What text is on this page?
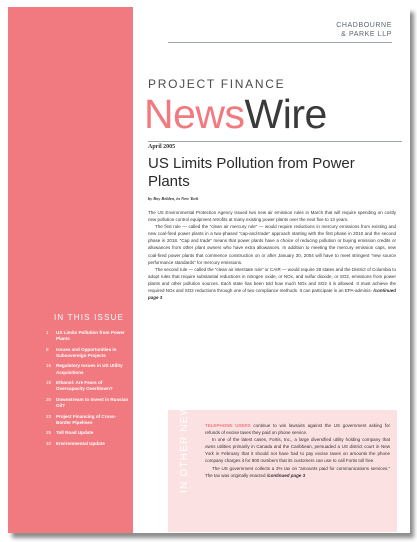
IN THIS ISSUE
1	US Limits Pollution from Power Plants
8	Issues and Opportunities in Subsovereign Projects
15	Regulatory Issues in US Utility Acquisitions
18	Ethanol: Are Fears of Overcapacity Overblown?
20	Downstream to Invest in Russian Oil?
23	Project Financing of Cross-Border Pipelines
25	Toll Road Update
40	Environmental Update
CHADBOURNE
& PARKE LLP
PROJECT FINANCE
NewsWire
April 2005
US Limits Pollution from Power Plants
by Roy Belden, in New York

The US Environmental Protection Agency issued two new air emission rules in March that will require spending on costly new pollution control equipment retrofits at many existing power plants over the next five to 13 years.

The first rule — called the “clean air mercury rule” — would require reductions in mercury emissions from existing and new coal-fired power plants in a two-phased “cap-and-trade” approach starting with the first phase in 2010 and the second phase in 2018. “Cap and trade” means that power plants have a choice of reducing pollution or buying emission credits or allowances from other plant owners who have extra allowances. In addition to meeting the mercury emission caps, new coal-fired power plants that commence construction on or after January 30, 2004 will have to meet stringent “new source performance standards” for mercury emissions.

The second rule — called the “clean air interstate rule” or CAIR — would require 28 states and the District of Columbia to adopt rules that require substantial reductions in nitrogen oxide, or NOx, and sulfur dioxide, or SO2, emissions from power plants and other pollution sources. Each state has been told how much NOx and SO2 it is allowed. It must achieve the required NOx and SO2 reductions through one of two compliance methods. It can participate in an EPA-adminis- /continued page 3

IN OTHER NEWS	TELEPHONE USERS continue to win lawsuits against the US government asking for refunds of excise taxes they paid on phone service.

In one of the latest cases, Fortis, Inc., a large diversified utility holding company that owns utilities primarily in Canada and the Caribbean, persuaded a US district court in New York in February that it should not have had to pay excise taxes on amounts the phone company charges it for 800 numbers that its customers can use to call Fortis toll free.

The US government collects a 3% tax on “amounts paid for communications services.” The tax was originally enacted /continued page 3
